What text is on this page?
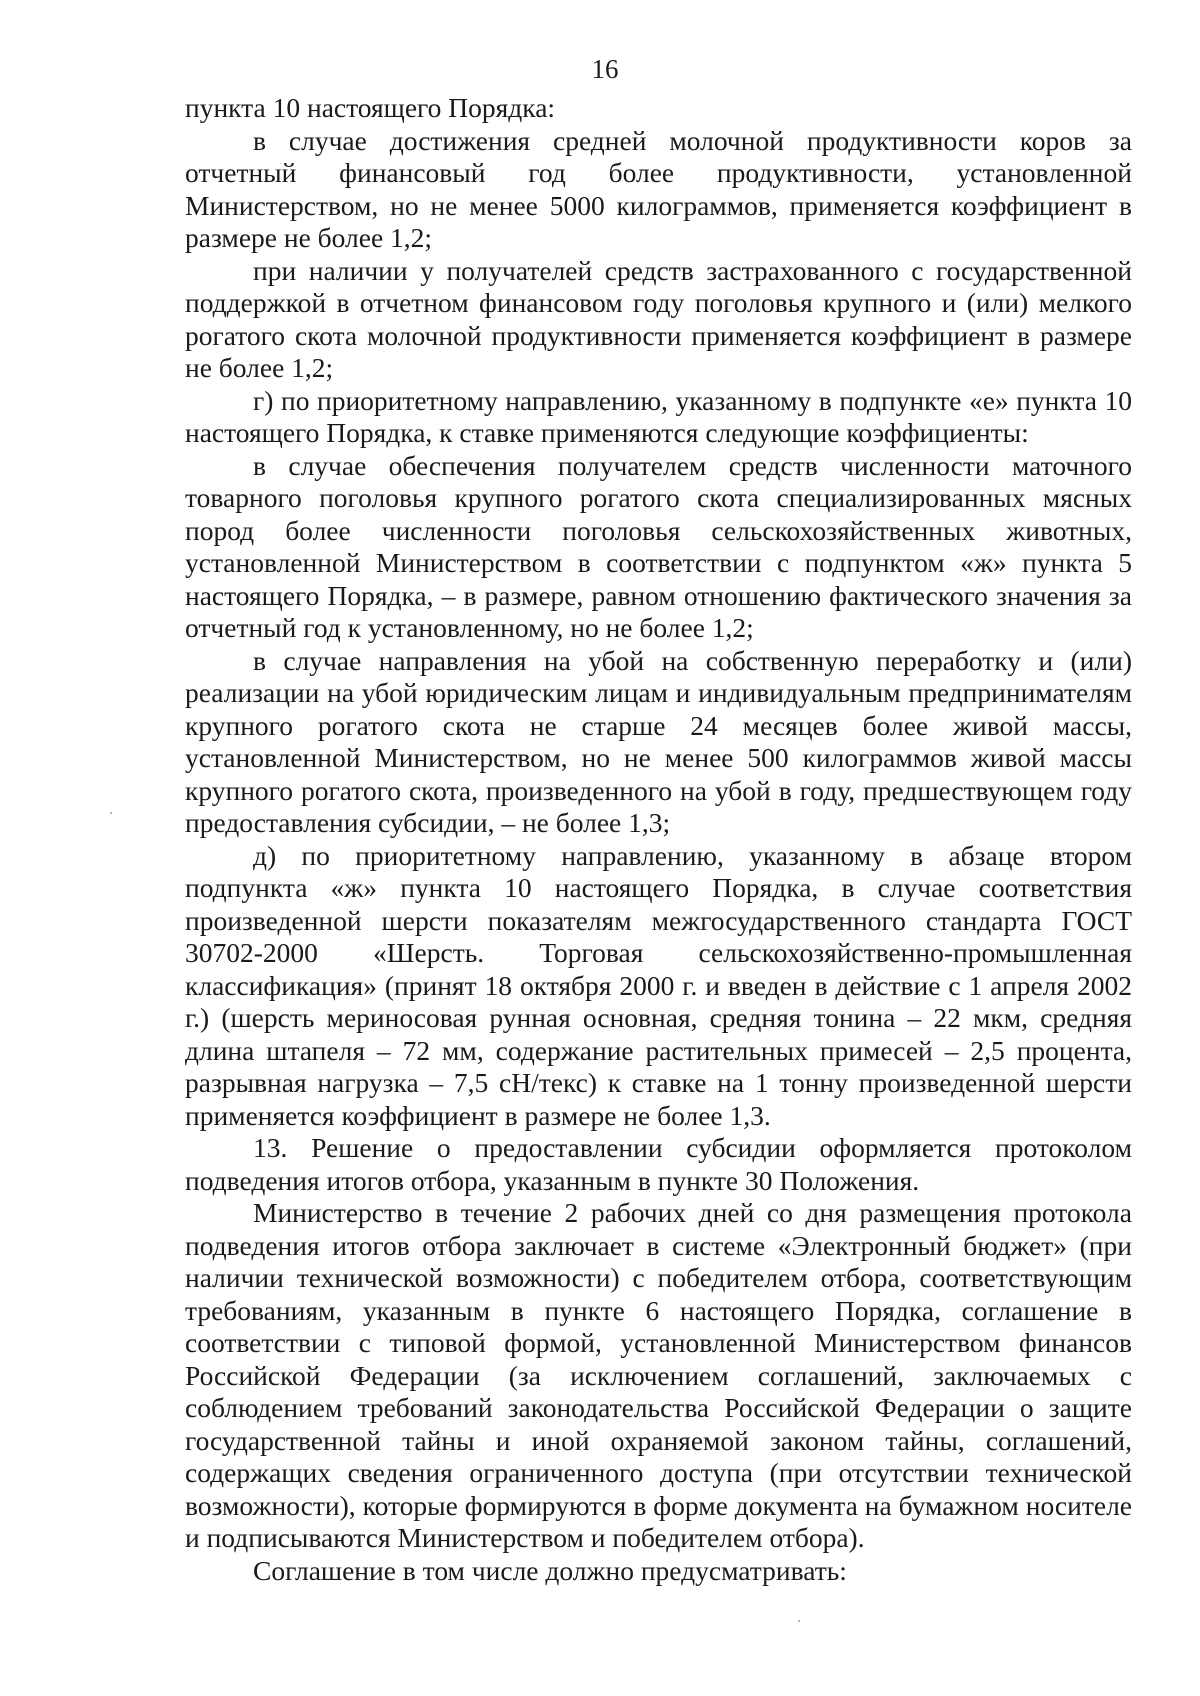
16

пункта 10 настоящего Порядка:

в случае достижения средней молочной продуктивности коров за отчетный финансовый год более продуктивности, установленной Министерством, но не менее 5000 килограммов, применяется коэффициент в размере не более 1,2;

при наличии у получателей средств застрахованного с государственной поддержкой в отчетном финансовом году поголовья крупного и (или) мелкого рогатого скота молочной продуктивности применяется коэффициент в размере не более 1,2;

г) по приоритетному направлению, указанному в подпункте «е» пункта 10 настоящего Порядка, к ставке применяются следующие коэффициенты:

в случае обеспечения получателем средств численности маточного товарного поголовья крупного рогатого скота специализированных мясных пород более численности поголовья сельскохозяйственных животных, установленной Министерством в соответствии с подпунктом «ж» пункта 5 настоящего Порядка, – в размере, равном отношению фактического значения за отчетный год к установленному, но не более 1,2;

в случае направления на убой на собственную переработку и (или) реализации на убой юридическим лицам и индивидуальным предпринимателям крупного рогатого скота не старше 24 месяцев более живой массы, установленной Министерством, но не менее 500 килограммов живой массы крупного рогатого скота, произведенного на убой в году, предшествующем году предоставления субсидии, – не более 1,3;

д) по приоритетному направлению, указанному в абзаце втором подпункта «ж» пункта 10 настоящего Порядка, в случае соответствия произведенной шерсти показателям межгосударственного стандарта ГОСТ 30702-2000 «Шерсть. Торговая сельскохозяйственно-промышленная классификация» (принят 18 октября 2000 г. и введен в действие с 1 апреля 2002 г.) (шерсть мериносовая рунная основная, средняя тонина – 22 мкм, средняя длина штапеля – 72 мм, содержание растительных примесей – 2,5 процента, разрывная нагрузка – 7,5 сН/текс) к ставке на 1 тонну произведенной шерсти применяется коэффициент в размере не более 1,3.

13. Решение о предоставлении субсидии оформляется протоколом подведения итогов отбора, указанным в пункте 30 Положения.

Министерство в течение 2 рабочих дней со дня размещения протокола подведения итогов отбора заключает в системе «Электронный бюджет» (при наличии технической возможности) с победителем отбора, соответствующим требованиям, указанным в пункте 6 настоящего Порядка, соглашение в соответствии с типовой формой, установленной Министерством финансов Российской Федерации (за исключением соглашений, заключаемых с соблюдением требований законодательства Российской Федерации о защите государственной тайны и иной охраняемой законом тайны, соглашений, содержащих сведения ограниченного доступа (при отсутствии технической возможности), которые формируются в форме документа на бумажном носителе и подписываются Министерством и победителем отбора).

Соглашение в том числе должно предусматривать:
